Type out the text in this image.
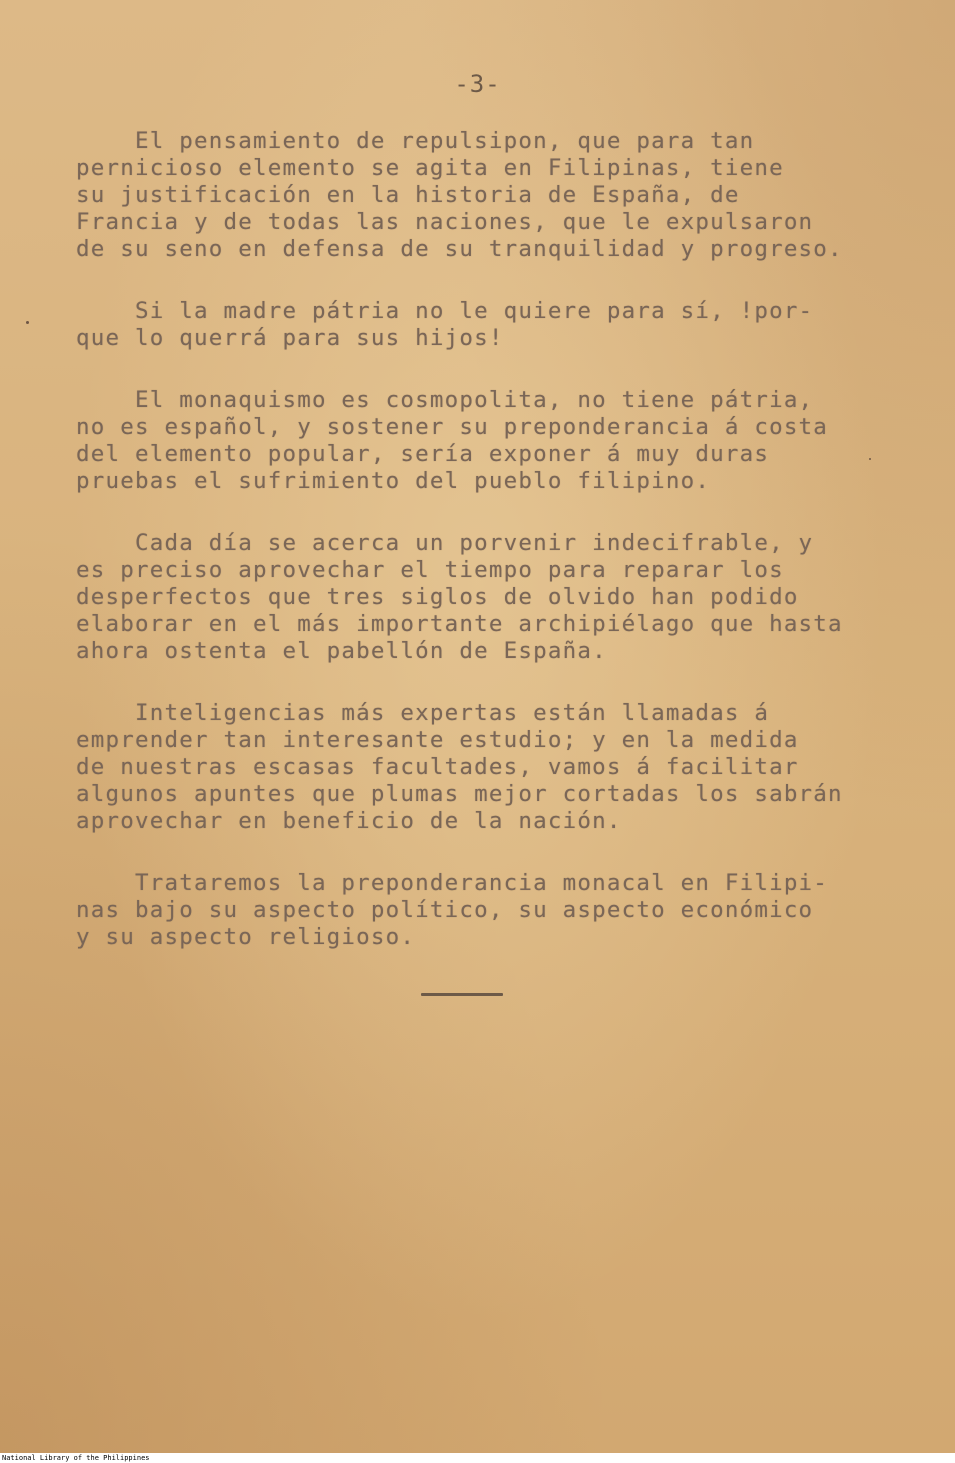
-3-

El pensamiento de repulsipon, que para tan
pernicioso elemento se agita en Filipinas, tiene
su justificación en la historia de España, de
Francia y de todas las naciones, que le expulsaron
de su seno en defensa de su tranquilidad y progreso.

Si la madre pátria no le quiere para sí, !por-
que lo querrá para sus hijos!

El monaquismo es cosmopolita, no tiene pátria,
no es español, y sostener su preponderancia á costa
del elemento popular, sería exponer á muy duras
pruebas el sufrimiento del pueblo filipino.

Cada día se acerca un porvenir indecifrable, y
es preciso aprovechar el tiempo para reparar los
desperfectos que tres siglos de olvido han podido
elaborar en el más importante archipiélago que hasta
ahora ostenta el pabellón de España.

Inteligencias más expertas están llamadas á
emprender tan interesante estudio; y en la medida
de nuestras escasas facultades, vamos á facilitar
algunos apuntes que plumas mejor cortadas los sabrán
aprovechar en beneficio de la nación.

Trataremos la preponderancia monacal en Filipi-
nas bajo su aspecto político, su aspecto económico
y su aspecto religioso.

National Library of the Philippines
